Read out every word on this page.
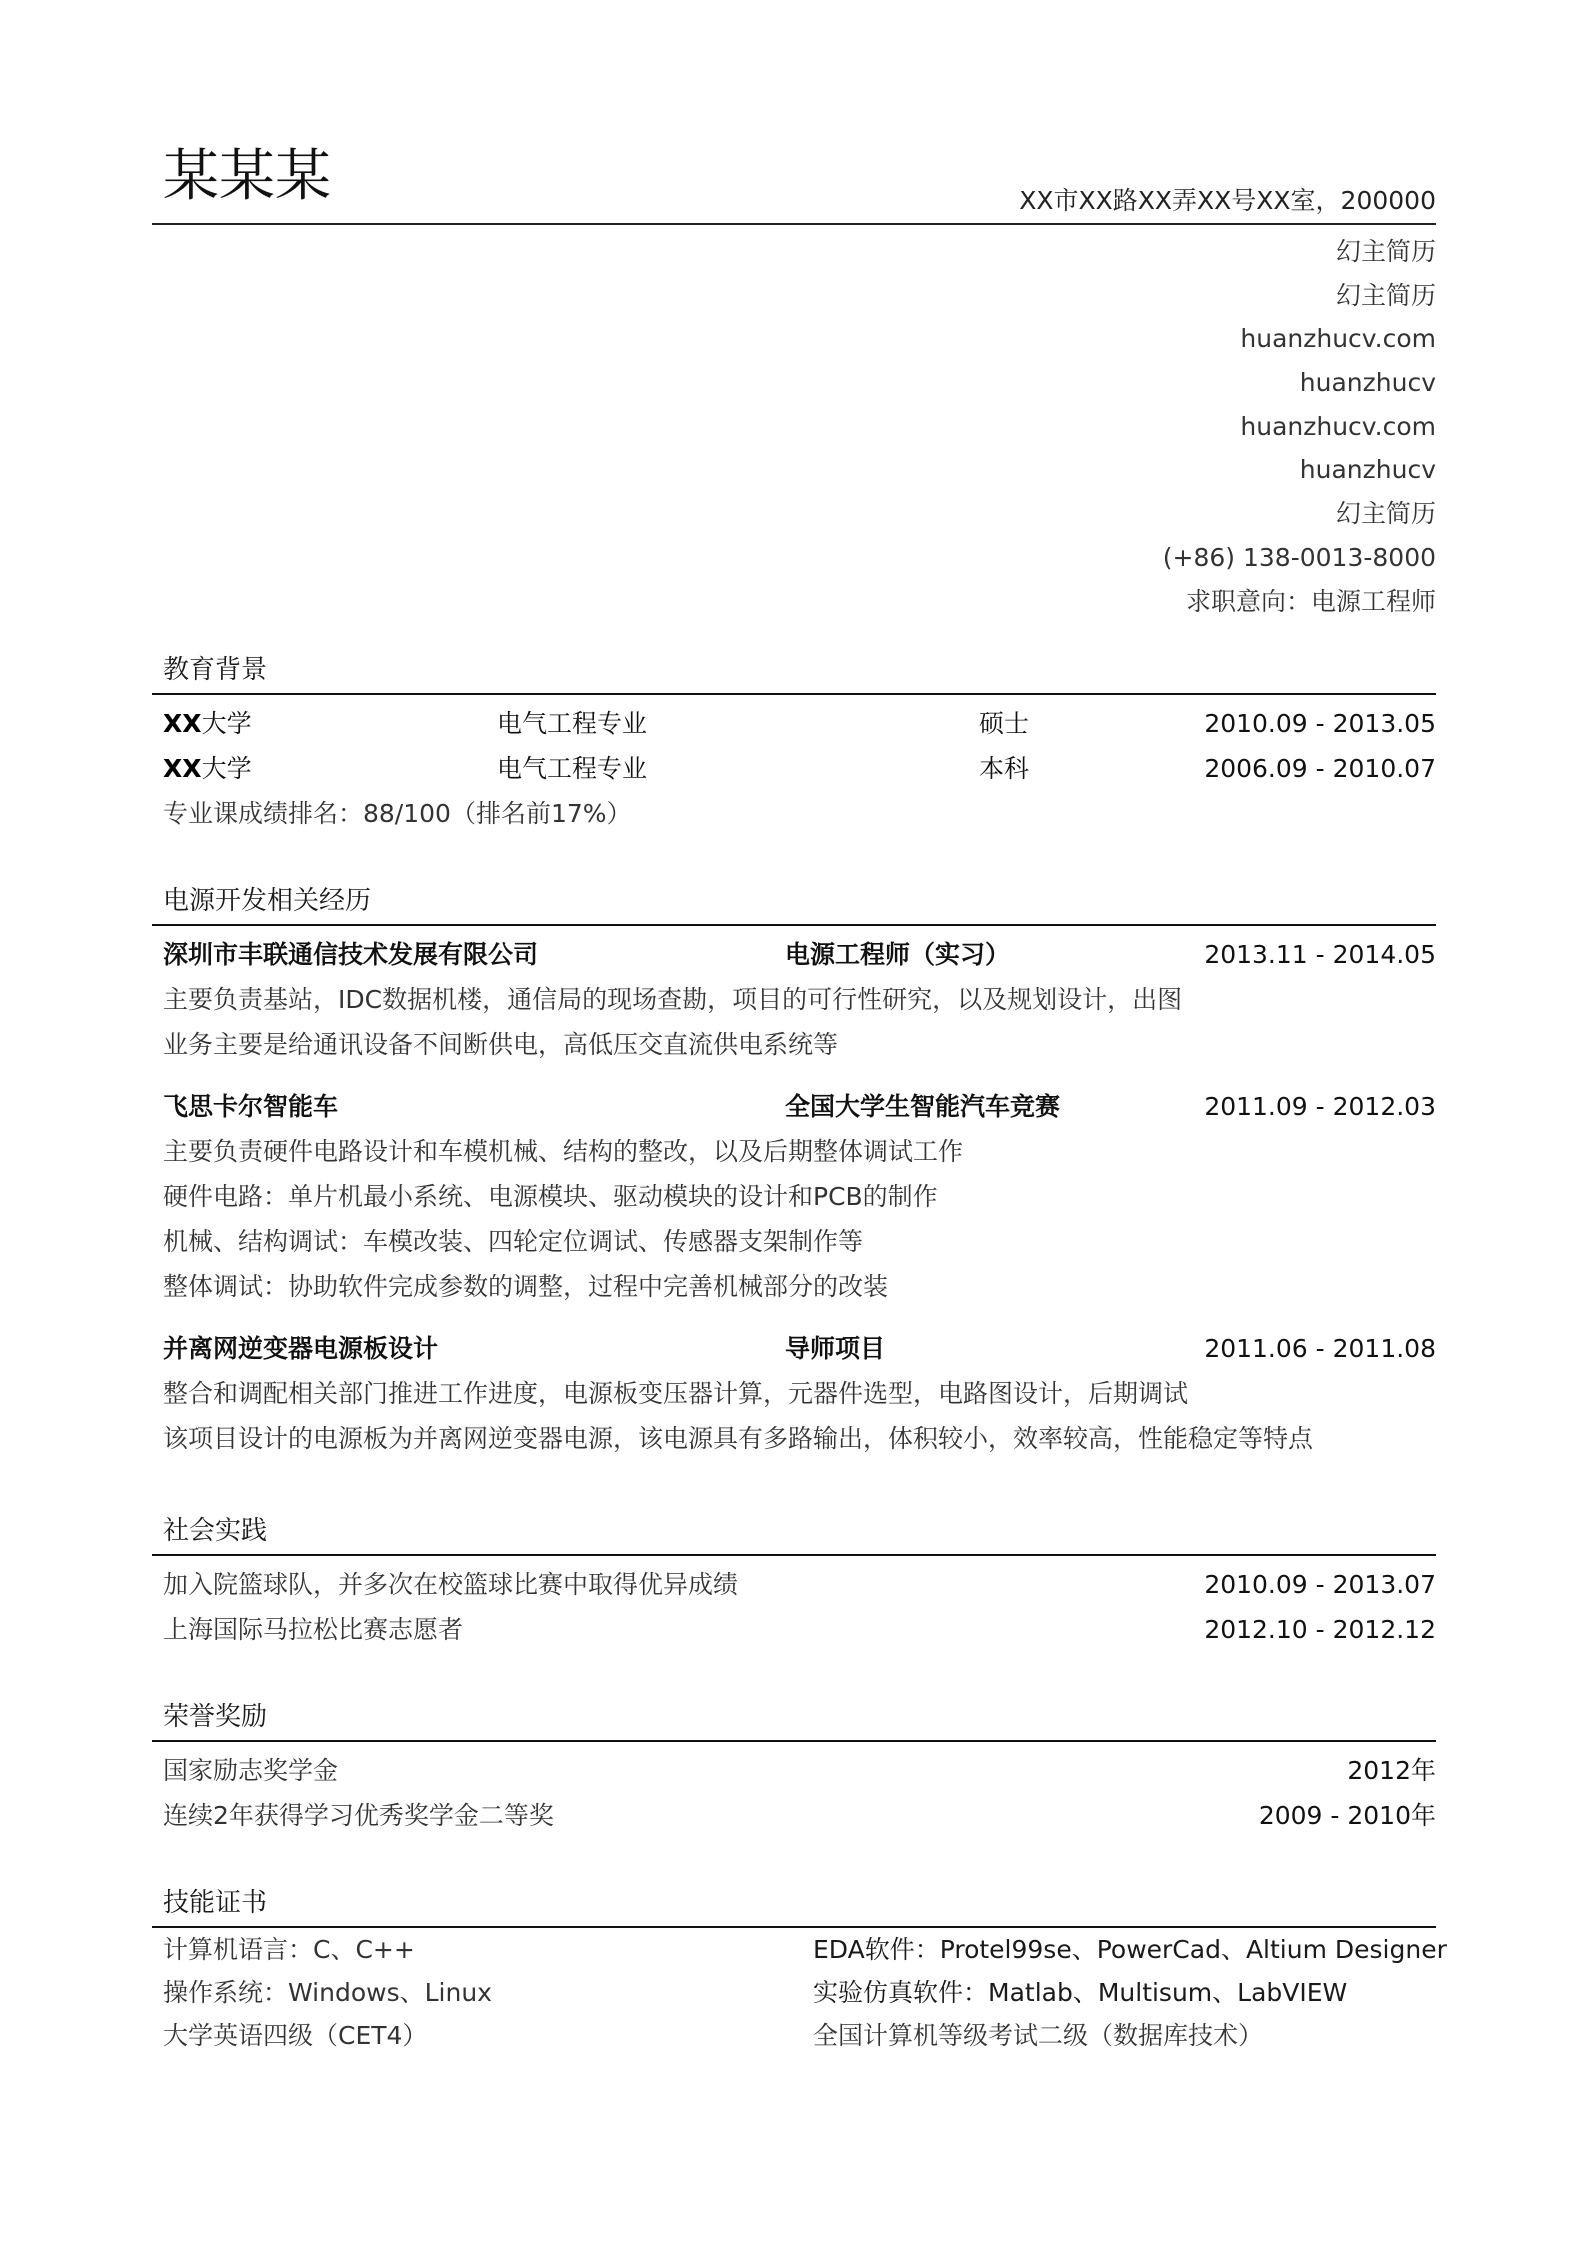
某某某	XX市XX路XX弄XX号XX室，200000
幻主简历
幻主简历
huanzhucv.com
huanzhucv
huanzhucv.com
huanzhucv
幻主简历
(+86) 138-0013-8000
求职意向：电源工程师
教育背景
XX大学	电气工程专业	硕士	2010.09 - 2013.05
XX大学	电气工程专业	本科	2006.09 - 2010.07
专业课成绩排名：88/100（排名前17%）
电源开发相关经历
深圳市丰联通信技术发展有限公司	电源工程师（实习）	2013.11 - 2014.05
主要负责基站，IDC数据机楼，通信局的现场查勘，项目的可行性研究，以及规划设计，出图
业务主要是给通讯设备不间断供电，高低压交直流供电系统等
飞思卡尔智能车	全国大学生智能汽车竞赛	2011.09 - 2012.03
主要负责硬件电路设计和车模机械、结构的整改，以及后期整体调试工作
硬件电路：单片机最小系统、电源模块、驱动模块的设计和PCB的制作
机械、结构调试：车模改装、四轮定位调试、传感器支架制作等
整体调试：协助软件完成参数的调整，过程中完善机械部分的改装
并离网逆变器电源板设计	导师项目	2011.06 - 2011.08
整合和调配相关部门推进工作进度，电源板变压器计算，元器件选型，电路图设计，后期调试
该项目设计的电源板为并离网逆变器电源，该电源具有多路输出，体积较小，效率较高，性能稳定等特点
社会实践
加入院篮球队，并多次在校篮球比赛中取得优异成绩	2010.09 - 2013.07
上海国际马拉松比赛志愿者	2012.10 - 2012.12
荣誉奖励
国家励志奖学金	2012年
连续2年获得学习优秀奖学金二等奖	2009 - 2010年
技能证书
计算机语言：C、C++	EDA软件：Protel99se、PowerCad、Altium Designer
操作系统：Windows、Linux	实验仿真软件：Matlab、Multisum、LabVIEW
大学英语四级（CET4）	全国计算机等级考试二级（数据库技术）
